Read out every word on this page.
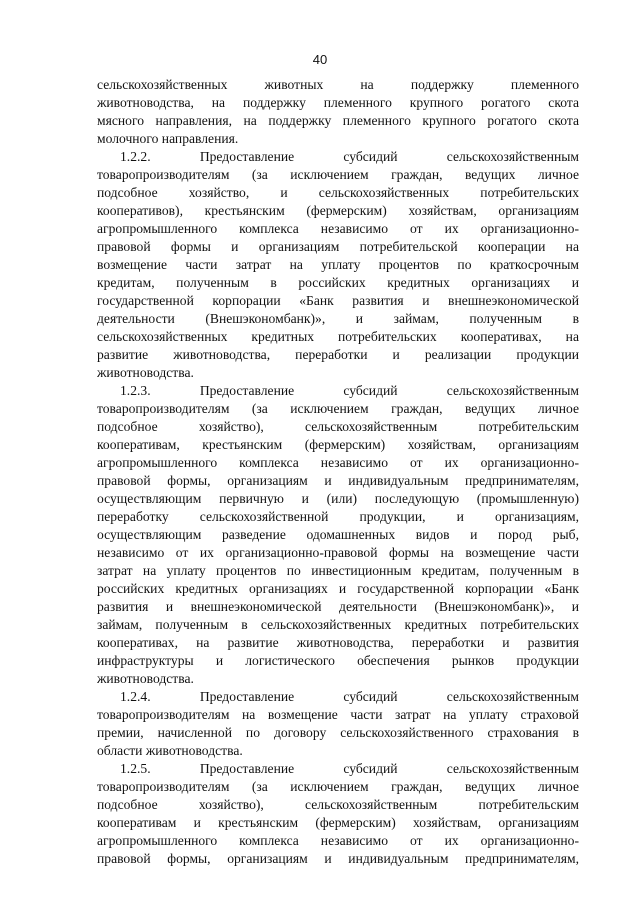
40
сельскохозяйственных животных на поддержку племенного
животноводства, на поддержку племенного крупного рогатого скота
мясного направления, на поддержку племенного крупного рогатого скота
молочного направления.
1.2.2. Предоставление субсидий сельскохозяйственным
товаропроизводителям (за исключением граждан, ведущих личное
подсобное хозяйство, и сельскохозяйственных потребительских
кооперативов), крестьянским (фермерским) хозяйствам, организациям
агропромышленного комплекса независимо от их организационно-
правовой формы и организациям потребительской кооперации на
возмещение части затрат на уплату процентов по краткосрочным
кредитам, полученным в российских кредитных организациях и
государственной корпорации «Банк развития и внешнеэкономической
деятельности (Внешэкономбанк)», и займам, полученным в
сельскохозяйственных кредитных потребительских кооперативах, на
развитие животноводства, переработки и реализации продукции
животноводства.
1.2.3. Предоставление субсидий сельскохозяйственным
товаропроизводителям (за исключением граждан, ведущих личное
подсобное хозяйство), сельскохозяйственным потребительским
кооперативам, крестьянским (фермерским) хозяйствам, организациям
агропромышленного комплекса независимо от их организационно-
правовой формы, организациям и индивидуальным предпринимателям,
осуществляющим первичную и (или) последующую (промышленную)
переработку сельскохозяйственной продукции, и организациям,
осуществляющим разведение одомашненных видов и пород рыб,
независимо от их организационно-правовой формы на возмещение части
затрат на уплату процентов по инвестиционным кредитам, полученным в
российских кредитных организациях и государственной корпорации «Банк
развития и внешнеэкономической деятельности (Внешэкономбанк)», и
займам, полученным в сельскохозяйственных кредитных потребительских
кооперативах, на развитие животноводства, переработки и развития
инфраструктуры и логистического обеспечения рынков продукции
животноводства.
1.2.4. Предоставление субсидий сельскохозяйственным
товаропроизводителям на возмещение части затрат на уплату страховой
премии, начисленной по договору сельскохозяйственного страхования в
области животноводства.
1.2.5. Предоставление субсидий сельскохозяйственным
товаропроизводителям (за исключением граждан, ведущих личное
подсобное хозяйство), сельскохозяйственным потребительским
кооперативам и крестьянским (фермерским) хозяйствам, организациям
агропромышленного комплекса независимо от их организационно-
правовой формы, организациям и индивидуальным предпринимателям,
